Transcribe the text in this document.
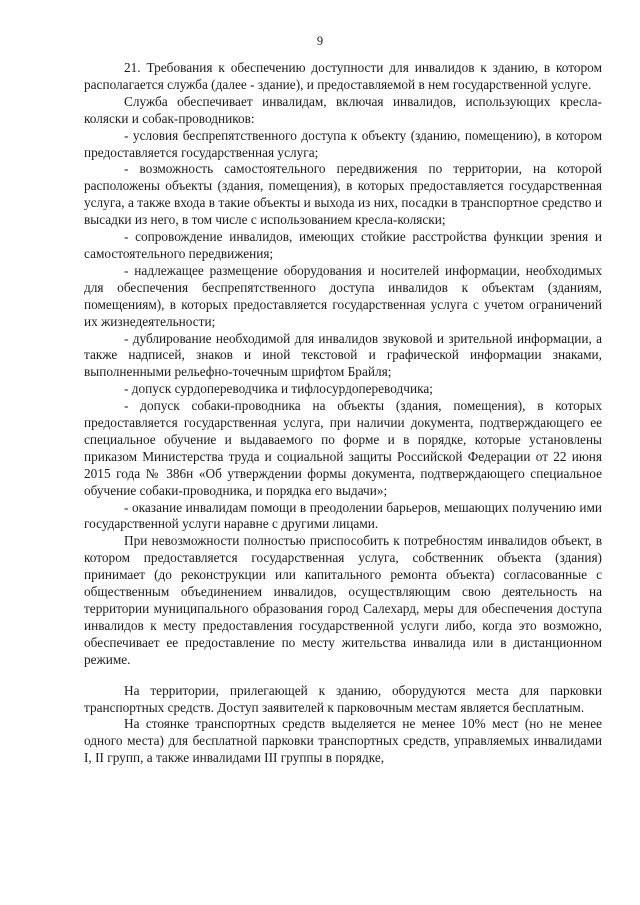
9

21. Требования к обеспечению доступности для инвалидов к зданию, в котором располагается служба (далее - здание), и предоставляемой в нем государственной услуге.

Служба обеспечивает инвалидам, включая инвалидов, использующих кресла-коляски и собак-проводников:

- условия беспрепятственного доступа к объекту (зданию, помещению), в котором предоставляется государственная услуга;

- возможность самостоятельного передвижения по территории, на которой расположены объекты (здания, помещения), в которых предоставляется государственная услуга, а также входа в такие объекты и выхода из них, посадки в транспортное средство и высадки из него, в том числе с использованием кресла-коляски;

- сопровождение инвалидов, имеющих стойкие расстройства функции зрения и самостоятельного передвижения;

- надлежащее размещение оборудования и носителей информации, необходимых для обеспечения беспрепятственного доступа инвалидов к объектам (зданиям, помещениям), в которых предоставляется государственная услуга с учетом ограничений их жизнедеятельности;

- дублирование необходимой для инвалидов звуковой и зрительной информации, а также надписей, знаков и иной текстовой и графической информации знаками, выполненными рельефно-точечным шрифтом Брайля;

- допуск сурдопереводчика и тифлосурдопереводчика;

- допуск собаки-проводника на объекты (здания, помещения), в которых предоставляется государственная услуга, при наличии документа, подтверждающего ее специальное обучение и выдаваемого по форме и в порядке, которые установлены приказом Министерства труда и социальной защиты Российской Федерации от 22 июня 2015 года № 386н «Об утверждении формы документа, подтверждающего специальное обучение собаки-проводника, и порядка его выдачи»;

- оказание инвалидам помощи в преодолении барьеров, мешающих получению ими государственной услуги наравне с другими лицами.

При невозможности полностью приспособить к потребностям инвалидов объект, в котором предоставляется государственная услуга, собственник объекта (здания) принимает (до реконструкции или капитального ремонта объекта) согласованные с общественным объединением инвалидов, осуществляющим свою деятельность на территории муниципального образования город Салехард, меры для обеспечения доступа инвалидов к месту предоставления государственной услуги либо, когда это возможно, обеспечивает ее предоставление по месту жительства инвалида или в дистанционном режиме.

На территории, прилегающей к зданию, оборудуются места для парковки транспортных средств. Доступ заявителей к парковочным местам является бесплатным.

На стоянке транспортных средств выделяется не менее 10% мест (но не менее одного места) для бесплатной парковки транспортных средств, управляемых инвалидами I, II групп, а также инвалидами III группы в порядке,
